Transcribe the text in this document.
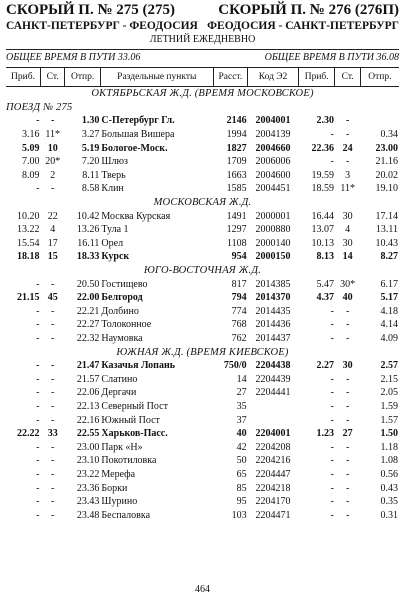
СКОРЫЙ П. № 275 (275)	СКОРЫЙ П. № 276 (276П)
САНКТ-ПЕТЕРБУРГ - ФЕОДОСИЯ ФЕОДОСИЯ - САНКТ-ПЕТЕРБУРГ
ЛЕТНИЙ ЕЖЕДНЕВНО
ОБЩЕЕ ВРЕМЯ В ПУТИ 33.06	ОБЩЕЕ ВРЕМЯ В ПУТИ 36.08
Приб.	Ст.	Отпр.	Раздельные пункты	Расст.	Код Э2	Приб.	Ст.	Отпр.
ОКТЯБРЬСКАЯ Ж.Д. (ВРЕМЯ МОСКОВСКОЕ)								
ПОЕЗД № 275								
-	-	1.30	С-Петербург Гл.	2146	2004001	2.30	-	
3.16	11*	3.27	Большая Вишера	1994	2004139	-	-	0.34
5.09	10	5.19	Бологое-Моск.	1827	2004660	22.36	24	23.00
7.00	20*	7.20	Шлюз	1709	2006006	-	-	21.16
8.09	2	8.11	Тверь	1663	2004600	19.59	3	20.02
-	-	8.58	Клин	1585	2004451	18.59	11*	19.10
МОСКОВСКАЯ Ж.Д.								
10.20	22	10.42	Москва Курская	1491	2000001	16.44	30	17.14
13.22	4	13.26	Тула 1	1297	2000880	13.07	4	13.11
15.54	17	16.11	Орел	1108	2000140	10.13	30	10.43
18.18	15	18.33	Курск	954	2000150	8.13	14	8.27
ЮГО-ВОСТОЧНАЯ Ж.Д.								
-	-	20.50	Гостищево	817	2014385	5.47	30*	6.17
21.15	45	22.00	Белгород	794	2014370	4.37	40	5.17
-	-	22.21	Долбино	774	2014435	-	-	4.18
-	-	22.27	Толоконное	768	2014436	-	-	4.14
-	-	22.32	Наумовка	762	2014437	-	-	4.09
ЮЖНАЯ Ж.Д. (ВРЕМЯ КИЕВСКОЕ)								
-	-	21.47	Казачья Лопань	750/0	2204438	2.27	30	2.57
-	-	21.57	Слатино	14	2204439	-	-	2.15
-	-	22.06	Дергачи	27	2204441	-	-	2.05
-	-	22.13	Северный Пост	35		-	-	1.59
-	-	22.16	Южный Пост	37		-	-	1.57
22.22	33	22.55	Харьков-Пасс.	40	2204001	1.23	27	1.50
-	-	23.00	Парк «Н»	42	2204208	-	-	1.18
-	-	23.10	Покотиловка	50	2204216	-	-	1.08
-	-	23.22	Мерефа	65	2204447	-	-	0.56
-	-	23.36	Борки	85	2204218	-	-	0.43
-	-	23.43	Шурино	95	2204170	-	-	0.35
-	-	23.48	Беспаловка	103	2204471	-	-	0.31
464
